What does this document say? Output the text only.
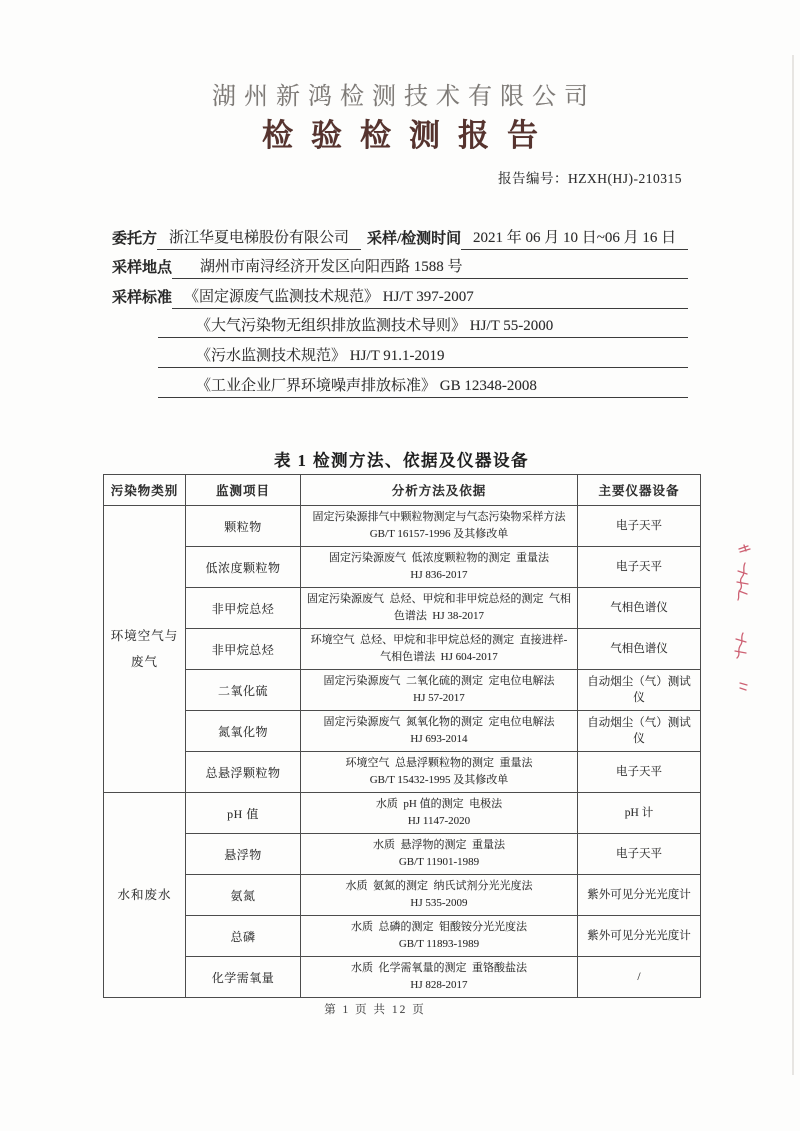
湖州新鸿检测技术有限公司
检验检测报告
报告编号：HZXH(HJ)-210315
委托方 浙江华夏电梯股份有限公司	采样/检测时间 2021 年 06 月 10 日~06 月 16 日
采样地点	湖州市南浔经济开发区向阳西路 1588 号
采样标准 《固定源废气监测技术规范》 HJ/T 397-2007
《大气污染物无组织排放监测技术导则》 HJ/T 55-2000
《污水监测技术规范》 HJ/T 91.1-2019
《工业企业厂界环境噪声排放标准》 GB 12348-2008
表 1 检测方法、依据及仪器设备
污染物类别	监测项目	分析方法及依据	主要仪器设备
环境空气与
废气	颗粒物	
固定污染源排气中颗粒物测定与气态污染物采样方法
GB/T 16157-1996 及其修改单
	电子天平
	低浓度颗粒物	固定污染源废气  低浓度颗粒物的测定  重量法
HJ 836-2017	电子天平
	非甲烷总烃	固定污染源废气  总烃、甲烷和非甲烷总烃的测定  气相
色谱法  HJ 38-2017	气相色谱仪
	非甲烷总烃	环境空气  总烃、甲烷和非甲烷总烃的测定  直接进样-
气相色谱法  HJ 604-2017	气相色谱仪
	二氧化硫	固定污染源废气  二氧化硫的测定  定电位电解法
HJ 57-2017	自动烟尘（气）测试仪
	氮氧化物	固定污染源废气  氮氧化物的测定  定电位电解法
HJ 693-2014	自动烟尘（气）测试仪
	总悬浮颗粒物	环境空气  总悬浮颗粒物的测定  重量法
GB/T 15432-1995 及其修改单	电子天平
水和废水	pH 值	水质  pH 值的测定  电极法
HJ 1147-2020	pH 计
	悬浮物	水质  悬浮物的测定  重量法
GB/T 11901-1989	电子天平
	氨氮	水质  氨氮的测定  纳氏试剂分光光度法
HJ 535-2009	紫外可见分光光度计
	总磷	水质  总磷的测定  钼酸铵分光光度法
GB/T 11893-1989	紫外可见分光光度计
	化学需氧量	水质  化学需氧量的测定  重铬酸盐法
HJ 828-2017	/
第 1 页 共 12 页
